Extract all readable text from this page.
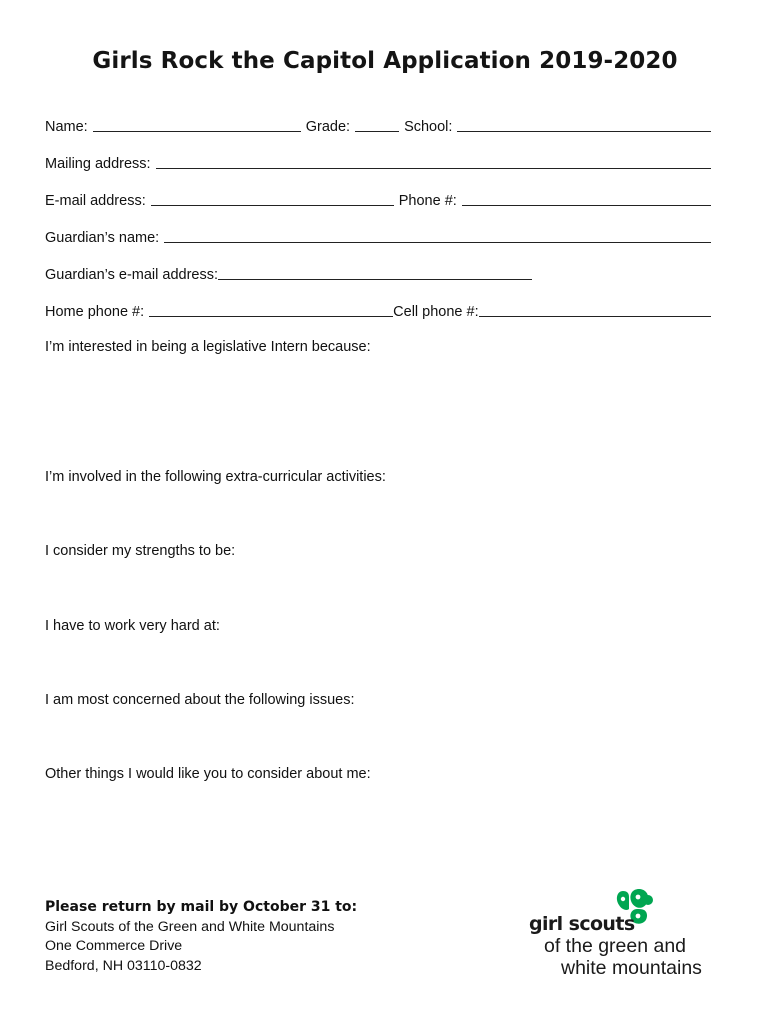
Girls Rock the Capitol Application 2019-2020
Name:	Grade:	School:
Mailing address:
E-mail address:	Phone #:
Guardian’s name:
Guardian’s e-mail address:
Home phone #:	Cell phone #:
I’m interested in being a legislative Intern because:
I’m involved in the following extra-curricular activities:
I consider my strengths to be:
I have to work very hard at:
I am most concerned about the following issues:
Other things I would like you to consider about me:
Please return by mail by October 31 to:
Girl Scouts of the Green and White Mountains
One Commerce Drive
Bedford, NH 03110-0832
girl scouts
of the green and
white mountains
